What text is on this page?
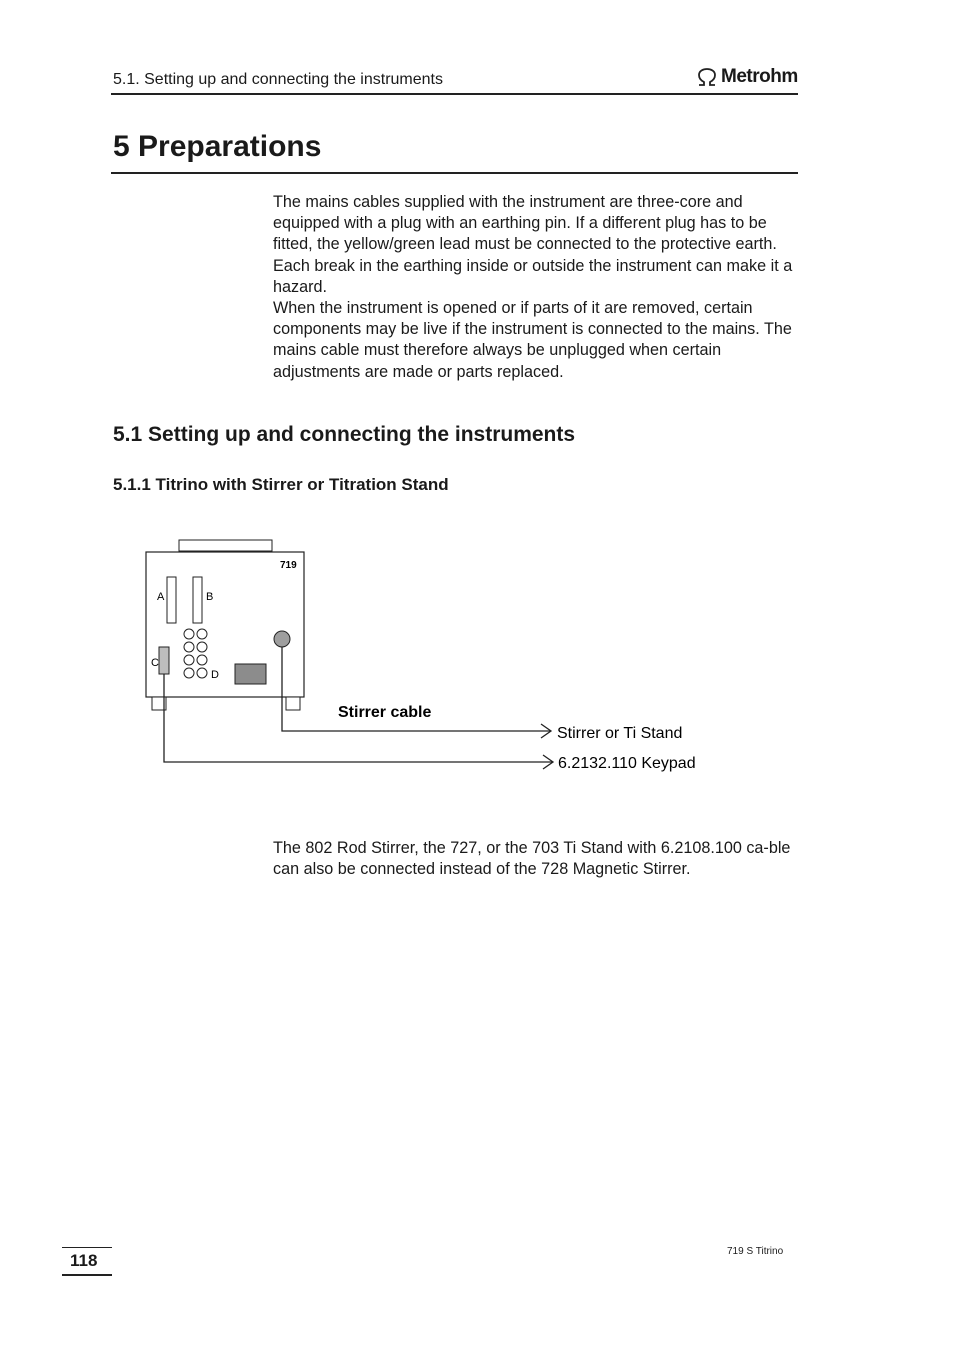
5.1. Setting up and connecting the instruments	Metrohm
5 Preparations

The mains cables supplied with the instrument are three-core and equipped with a plug with an earthing pin. If a different plug has to be fitted, the yellow/green lead must be connected to the protective earth. Each break in the earthing inside or outside the instrument can make it a hazard.

When the instrument is opened or if parts of it are removed, certain components may be live if the instrument is connected to the mains. The mains cable must therefore always be unplugged when certain adjustments are made or parts replaced.

5.1 Setting up and connecting the instruments
5.1.1 Titrino with Stirrer or Titration Stand
719
A	B
C
D
Stirrer cable
Stirrer or Ti Stand
6.2132.110 Keypad

The 802 Rod Stirrer, the 727, or the 703 Ti Stand with 6.2108.100 ca-ble can also be connected instead of the 728 Magnetic Stirrer.

118	719 S Titrino
